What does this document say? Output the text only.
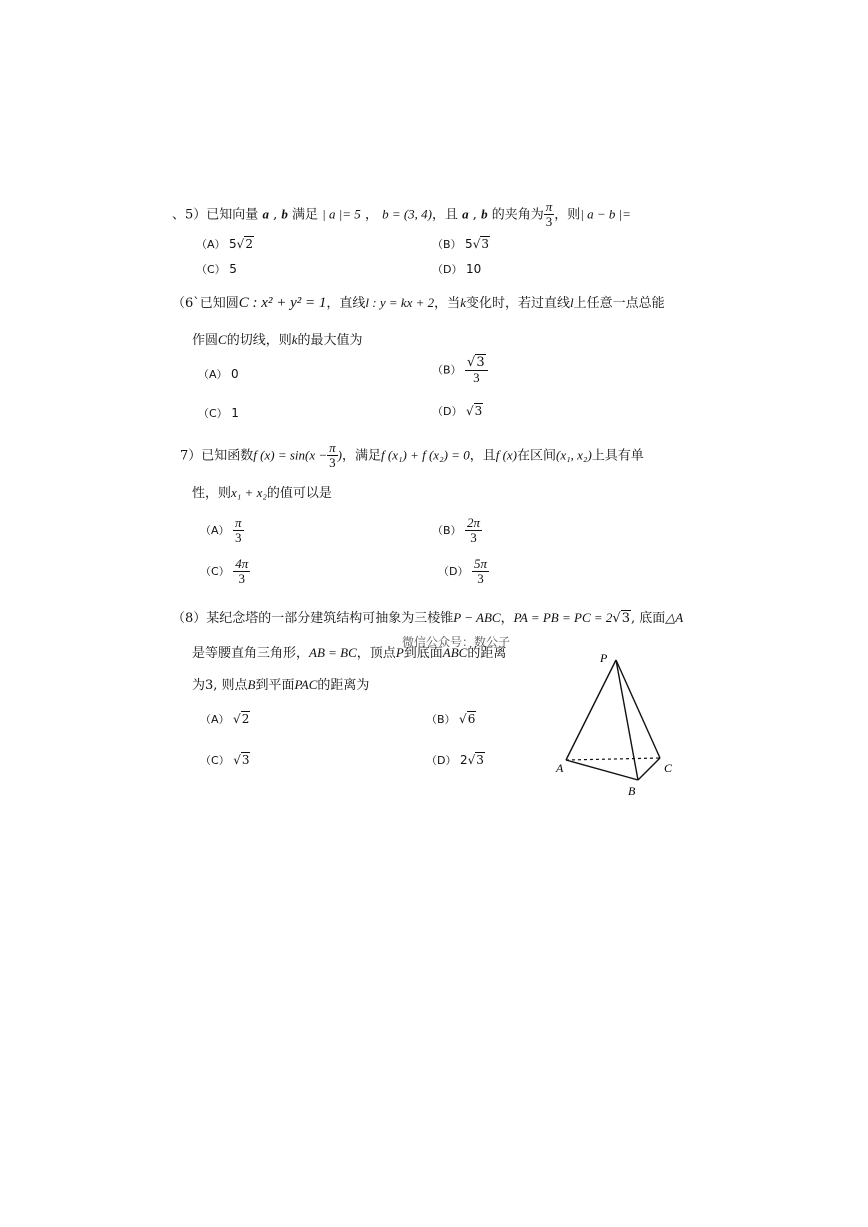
、5）已知向量 a , b 满足 | a |= 5 ， b = (3, 4)，且 a , b 的夹角为 $\frac{\pi}{3}$ ，则| a − b |=
（A） 5√2	（B） 5√3
（C） 5	（D） 10
（6`已知圆C : x² + y² = 1，直线l : y = kx + 2，当k变化时，若过直线l上任意一点总能
作圆C的切线，则k的最大值为
（A） 0	$(B) \frac{√3}{3}$
（C） 1	（D） √3
7）已知函数f $(x) = \sin(x - \frac{\pi}{3}$ )，满足f (x₁) + f (x₂) = 0，且f (x)在区间(x₁, x₂)上具有单
性，则x₁ + x₂的值可以是
$(A) \frac{\pi}{3}$	$(B) \frac{2\pi}{3}$
$(C) \frac{4\pi}{3}$	$(D) \frac{5\pi}{3}$
（8）某纪念塔的一部分建筑结构可抽象为三棱锥P − ABC，PA = PB = PC = 2√3, 底面△A
微信公众号：数公子
是等腰直角三角形，AB = BC，顶点P到底面ABC的距离
为3, 则点B到平面PAC的距离为
（A） √2	（B） √6
（C） √3	（D） 2√3
P
A
B
C
